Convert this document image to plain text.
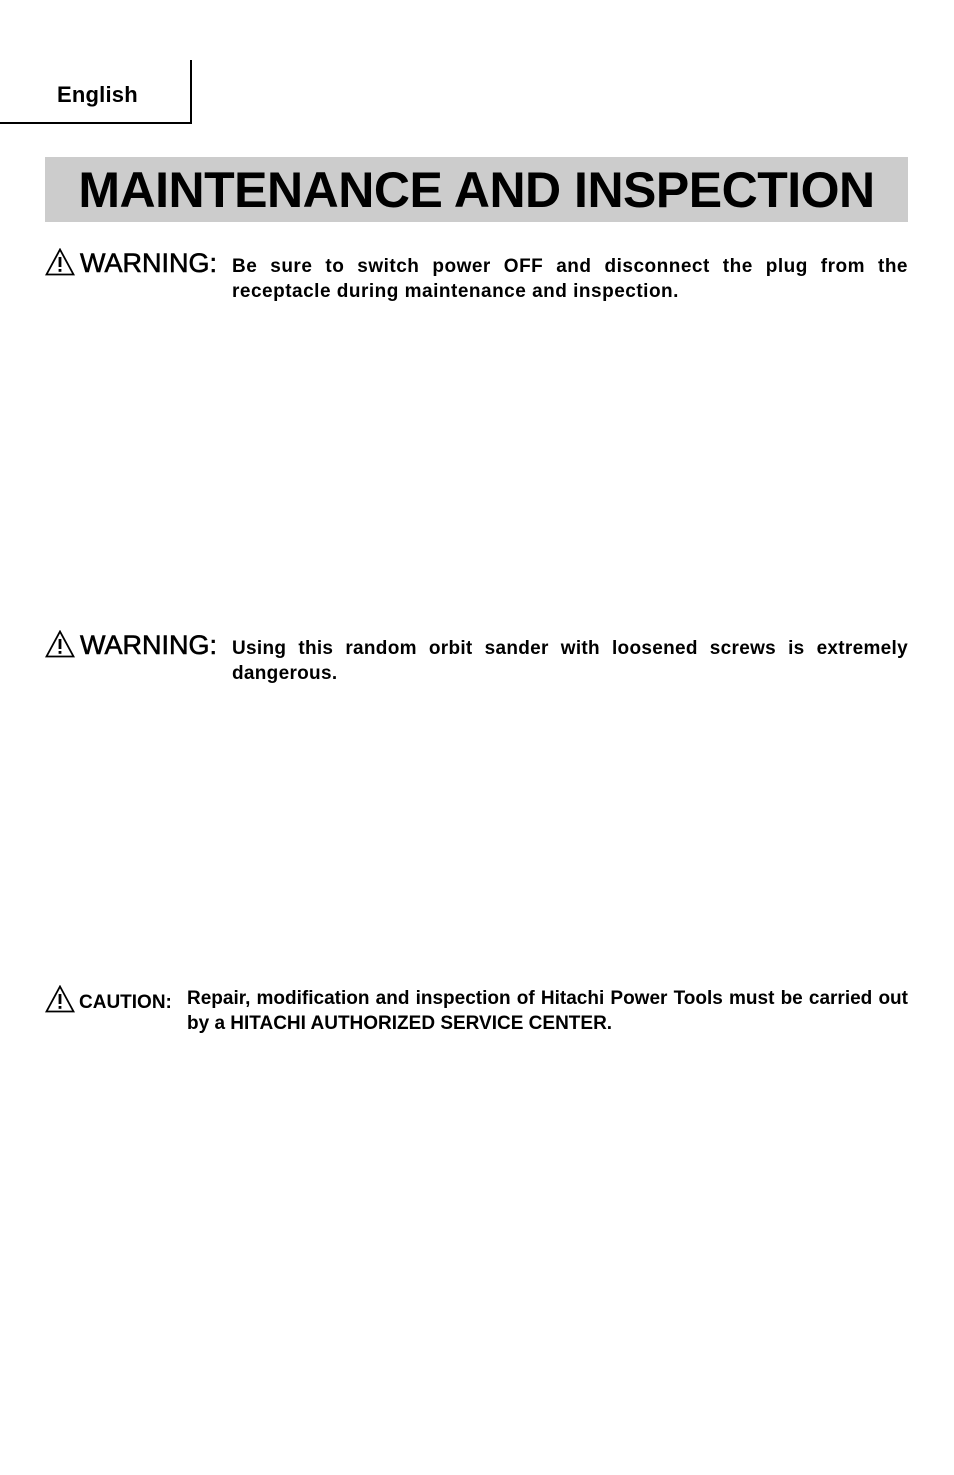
English
MAINTENANCE AND INSPECTION
WARNING: Be sure to switch power OFF and disconnect the plug from the receptacle during maintenance and inspection.
WARNING: Using this random orbit sander with loosened screws is extremely dangerous.
CAUTION: Repair, modification and inspection of Hitachi Power Tools must be carried out by a HITACHI AUTHORIZED SERVICE CENTER.
